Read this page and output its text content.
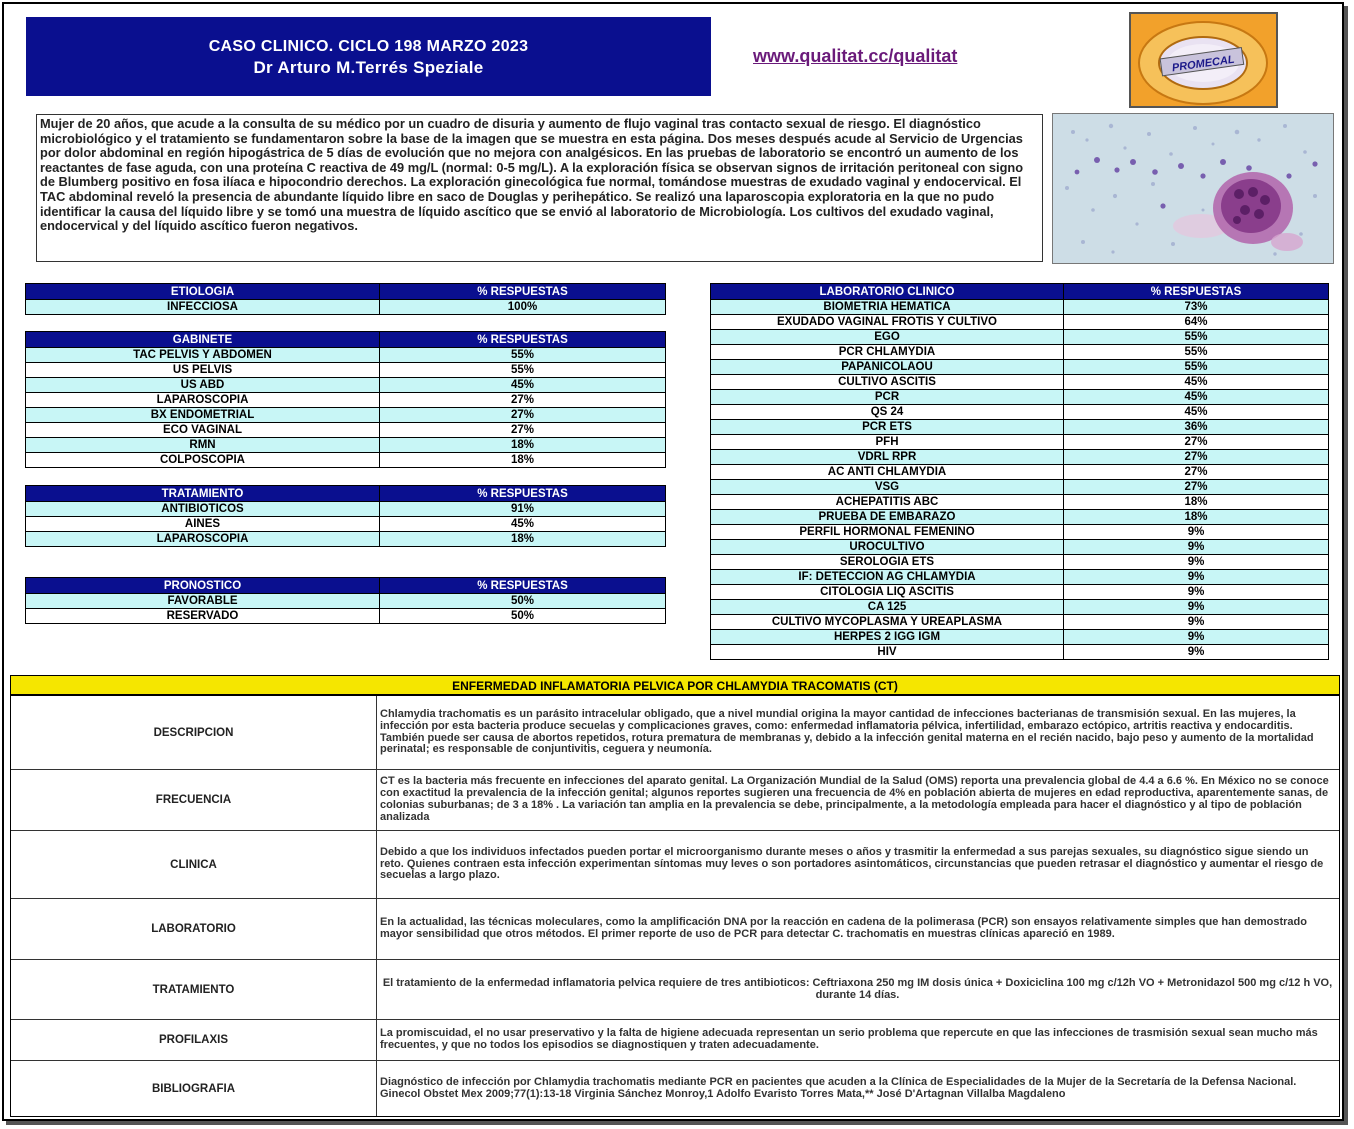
CASO CLINICO. CICLO 198 MARZO 2023
Dr Arturo M.Terrés Speziale
www.qualitat.cc/qualitat	PROMECAL
Mujer de 20 años, que acude a la consulta de su médico por un cuadro de disuria y aumento de flujo vaginal tras contacto sexual de riesgo. El diagnóstico microbiológico y el tratamiento se fundamentaron sobre la base de la imagen que se muestra en esta página. Dos meses después acude al Servicio de Urgencias por dolor abdominal en región hipogástrica de 5 días de evolución que no mejora con analgésicos. En las pruebas de laboratorio se encontró un aumento de los reactantes de fase aguda, con una proteína C reactiva de 49 mg/L (normal: 0-5 mg/L). A la exploración física se observan signos de irritación peritoneal con signo de Blumberg positivo en fosa ilíaca e hipocondrio derechos. La exploración ginecológica fue normal, tomándose muestras de exudado vaginal y endocervical. El TAC abdominal reveló la presencia de abundante líquido libre en saco de Douglas y perihepático. Se realizó una laparoscopia exploratoria en la que no pudo identificar la causa del líquido libre y se tomó una muestra de líquido ascítico que se envió al laboratorio de Microbiología. Los cultivos del exudado vaginal, endocervical y del líquido ascítico fueron negativos.
ETIOLOGIA	% RESPUESTAS
INFECCIOSA	100%
GABINETE	% RESPUESTAS
TAC PELVIS Y ABDOMEN	55%
US PELVIS	55%
US ABD	45%
LAPAROSCOPIA	27%
BX ENDOMETRIAL	27%
ECO VAGINAL	27%
RMN	18%
COLPOSCOPIA	18%
TRATAMIENTO	% RESPUESTAS
ANTIBIOTICOS	91%
AINES	45%
LAPAROSCOPIA	18%
PRONOSTICO	% RESPUESTAS
FAVORABLE	50%
RESERVADO	50%
LABORATORIO CLINICO	% RESPUESTAS
BIOMETRIA HEMATICA	73%
EXUDADO VAGINAL FROTIS Y CULTIVO	64%
EGO	55%
PCR CHLAMYDIA	55%
PAPANICOLAOU	55%
CULTIVO ASCITIS	45%
PCR	45%
QS 24	45%
PCR ETS	36%
PFH	27%
VDRL RPR	27%
AC ANTI CHLAMYDIA	27%
VSG	27%
ACHEPATITIS ABC	18%
PRUEBA DE EMBARAZO	18%
PERFIL HORMONAL FEMENINO	9%
UROCULTIVO	9%
SEROLOGIA ETS	9%
IF: DETECCION AG CHLAMYDIA	9%
CITOLOGIA LIQ ASCITIS	9%
CA 125	9%
CULTIVO MYCOPLASMA Y UREAPLASMA	9%
HERPES 2 IGG IGM	9%
HIV	9%
ENFERMEDAD INFLAMATORIA PELVICA POR CHLAMYDIA TRACOMATIS (CT)
DESCRIPCION
Chlamydia trachomatis es un parásito intracelular obligado, que a nivel mundial origina la mayor cantidad de infecciones bacterianas de transmisión sexual. En las mujeres, la infección por esta bacteria produce secuelas y complicaciones graves, como: enfermedad inflamatoria pélvica, infertilidad, embarazo ectópico, artritis reactiva y endocarditis. También puede ser causa de abortos repetidos, rotura prematura de membranas y, debido a la infección genital materna en el recién nacido, bajo peso y aumento de la mortalidad perinatal; es responsable de conjuntivitis, ceguera y neumonía.
FRECUENCIA
CT es la bacteria más frecuente en infecciones del aparato genital. La Organización Mundial de la Salud (OMS) reporta una prevalencia global de 4.4 a 6.6 %. En México no se conoce con exactitud la prevalencia de la infección genital; algunos reportes sugieren una frecuencia de 4% en población abierta de mujeres en edad reproductiva, aparentemente sanas, de colonias suburbanas; de 3 a 18% . La variación tan amplia en la prevalencia se debe, principalmente, a la metodología empleada para hacer el diagnóstico y al tipo de población analizada
CLINICA
Debido a que los individuos infectados pueden portar el microorganismo durante meses o años y trasmitir la enfermedad a sus parejas sexuales, su diagnóstico sigue siendo un reto. Quienes contraen esta infección experimentan síntomas muy leves o son portadores asintomáticos, circunstancias que pueden retrasar el diagnóstico y aumentar el riesgo de secuelas a largo plazo.
LABORATORIO
En la actualidad, las técnicas moleculares, como la amplificación DNA por la reacción en cadena de la polimerasa (PCR) son ensayos relativamente simples que han demostrado mayor sensibilidad que otros métodos. El primer reporte de uso de PCR para detectar C. trachomatis en muestras clínicas apareció en 1989.
TRATAMIENTO
El tratamiento de la enfermedad inflamatoria pelvica requiere de tres antibioticos: Ceftriaxona 250 mg IM dosis única + Doxiciclina 100 mg c/12h VO + Metronidazol 500 mg c/12 h VO, durante 14 días.
PROFILAXIS
La promiscuidad, el no usar preservativo y la falta de higiene adecuada representan un serio problema que repercute en que las infecciones de trasmisión sexual sean mucho más frecuentes, y que no todos los episodios se diagnostiquen y traten adecuadamente.
BIBLIOGRAFIA
Diagnóstico de infección por Chlamydia trachomatis mediante PCR en pacientes que acuden a la Clínica de Especialidades de la Mujer de la Secretaría de la Defensa Nacional. Ginecol Obstet Mex 2009;77(1):13-18 Virginia Sánchez Monroy,1 Adolfo Evaristo Torres Mata,** José D'Artagnan Villalba Magdaleno
